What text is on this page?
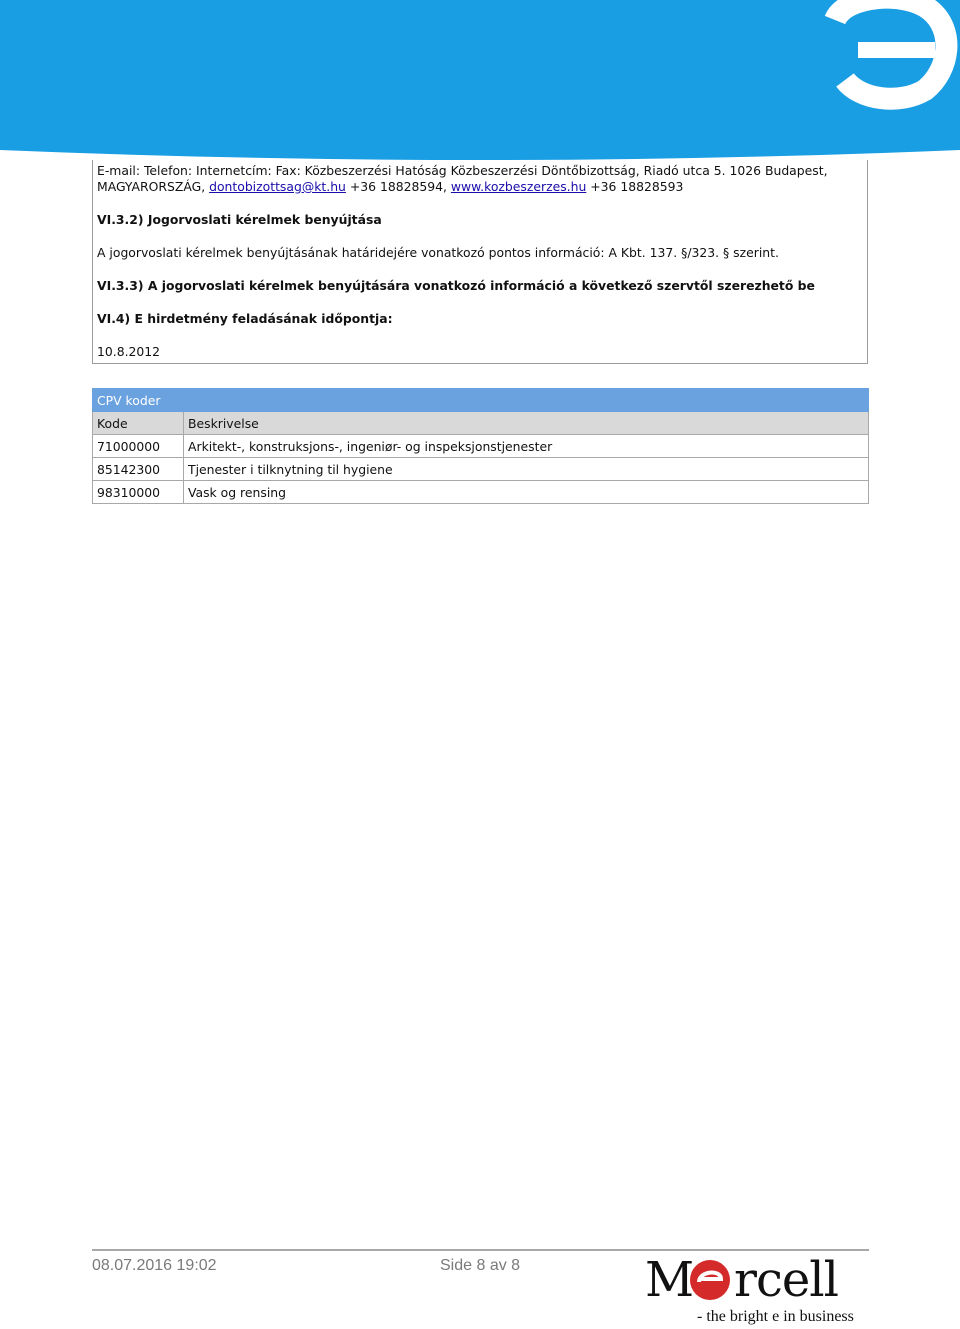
E-mail: Telefon: Internetcím: Fax: Közbeszerzési Hatóság Közbeszerzési Döntőbizottság, Riadó utca 5. 1026 Budapest,
MAGYARORSZÁG, dontobizottsag@kt.hu +36 18828594, www.kozbeszerzes.hu +36 18828593
VI.3.2) Jogorvoslati kérelmek benyújtása
A jogorvoslati kérelmek benyújtásának határidejére vonatkozó pontos információ: A Kbt. 137. §/323. § szerint.
VI.3.3) A jogorvoslati kérelmek benyújtására vonatkozó információ a következő szervtől szerezhető be
VI.4) E hirdetmény feladásának időpontja:
10.8.2012
CPV koder	
Kode	Beskrivelse
71000000	Arkitekt-, konstruksjons-, ingeniør- og inspeksjonstjenester
85142300	Tjenester i tilknytning til hygiene
98310000	Vask og rensing
08.07.2016 19:02	Side 8 av 8	M rcell
- the bright e in business
